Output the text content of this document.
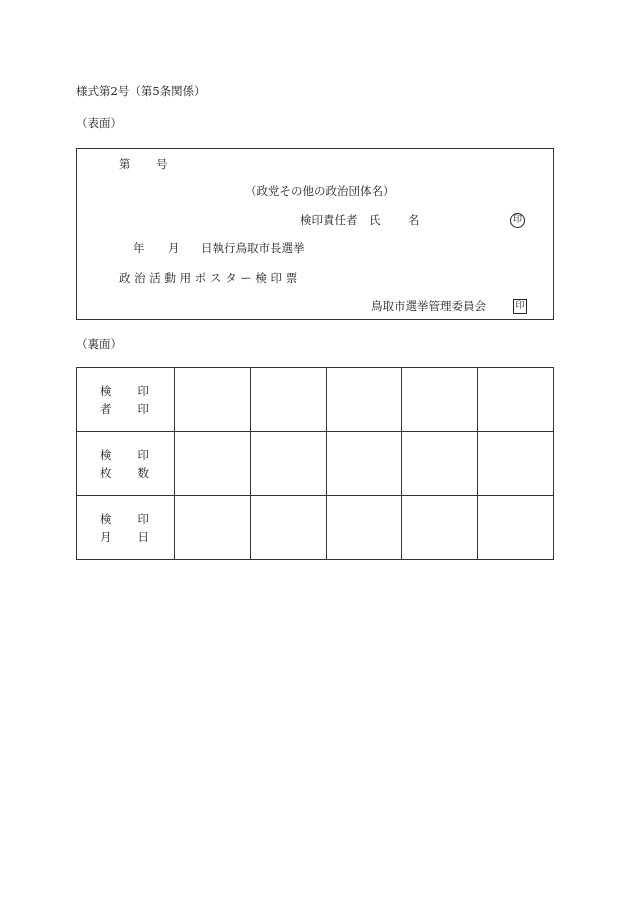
様式第2号（第5条関係）
（表面）
第 号
（政党その他の政治団体名）
検印責任者　氏 名	印
年 月 日執行鳥取市長選挙
政 治 活 動 用 ポ ス タ ー 検 印 票
鳥取市選挙管理委員会	印
（裏面）
検 印
者 印					

検 印
枚 数					

検 印
月 日					
